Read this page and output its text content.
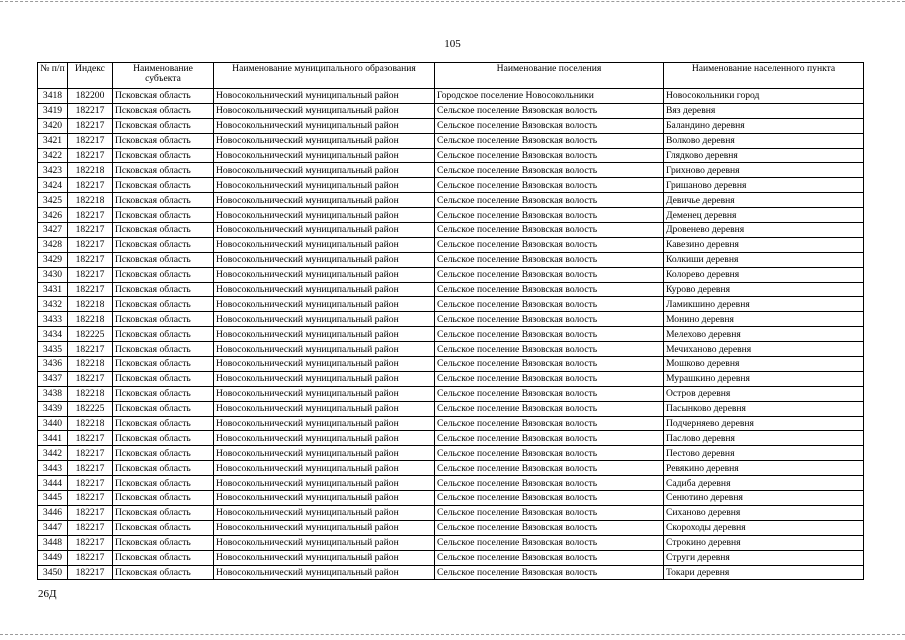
105
№ п/п	Индекс	Наименование субъекта	Наименование муниципального образования	Наименование поселения	Наименование населенного пункта
3418	182200	Псковская область	Новосокольнический муниципальный район	Городское поселение Новосокольники	Новосокольники город
3419	182217	Псковская область	Новосокольнический муниципальный район	Сельское поселение Вязовская волость	Вяз деревня
3420	182217	Псковская область	Новосокольнический муниципальный район	Сельское поселение Вязовская волость	Баландино деревня
3421	182217	Псковская область	Новосокольнический муниципальный район	Сельское поселение Вязовская волость	Волково деревня
3422	182217	Псковская область	Новосокольнический муниципальный район	Сельское поселение Вязовская волость	Глядково деревня
3423	182218	Псковская область	Новосокольнический муниципальный район	Сельское поселение Вязовская волость	Грихново деревня
3424	182217	Псковская область	Новосокольнический муниципальный район	Сельское поселение Вязовская волость	Гришаново деревня
3425	182218	Псковская область	Новосокольнический муниципальный район	Сельское поселение Вязовская волость	Девичье деревня
3426	182217	Псковская область	Новосокольнический муниципальный район	Сельское поселение Вязовская волость	Деменец деревня
3427	182217	Псковская область	Новосокольнический муниципальный район	Сельское поселение Вязовская волость	Дровенево деревня
3428	182217	Псковская область	Новосокольнический муниципальный район	Сельское поселение Вязовская волость	Кавезино деревня
3429	182217	Псковская область	Новосокольнический муниципальный район	Сельское поселение Вязовская волость	Колкиши деревня
3430	182217	Псковская область	Новосокольнический муниципальный район	Сельское поселение Вязовская волость	Колорево деревня
3431	182217	Псковская область	Новосокольнический муниципальный район	Сельское поселение Вязовская волость	Курово деревня
3432	182218	Псковская область	Новосокольнический муниципальный район	Сельское поселение Вязовская волость	Ламикшино деревня
3433	182218	Псковская область	Новосокольнический муниципальный район	Сельское поселение Вязовская волость	Монино деревня
3434	182225	Псковская область	Новосокольнический муниципальный район	Сельское поселение Вязовская волость	Мелехово деревня
3435	182217	Псковская область	Новосокольнический муниципальный район	Сельское поселение Вязовская волость	Мечиханово деревня
3436	182218	Псковская область	Новосокольнический муниципальный район	Сельское поселение Вязовская волость	Мошково деревня
3437	182217	Псковская область	Новосокольнический муниципальный район	Сельское поселение Вязовская волость	Мурашкино деревня
3438	182218	Псковская область	Новосокольнический муниципальный район	Сельское поселение Вязовская волость	Остров деревня
3439	182225	Псковская область	Новосокольнический муниципальный район	Сельское поселение Вязовская волость	Пасынково деревня
3440	182218	Псковская область	Новосокольнический муниципальный район	Сельское поселение Вязовская волость	Подчерняево деревня
3441	182217	Псковская область	Новосокольнический муниципальный район	Сельское поселение Вязовская волость	Паслово деревня
3442	182217	Псковская область	Новосокольнический муниципальный район	Сельское поселение Вязовская волость	Пестово деревня
3443	182217	Псковская область	Новосокольнический муниципальный район	Сельское поселение Вязовская волость	Ревякино деревня
3444	182217	Псковская область	Новосокольнический муниципальный район	Сельское поселение Вязовская волость	Садиба деревня
3445	182217	Псковская область	Новосокольнический муниципальный район	Сельское поселение Вязовская волость	Сенютино деревня
3446	182217	Псковская область	Новосокольнический муниципальный район	Сельское поселение Вязовская волость	Сиханово деревня
3447	182217	Псковская область	Новосокольнический муниципальный район	Сельское поселение Вязовская волость	Скороходы деревня
3448	182217	Псковская область	Новосокольнический муниципальный район	Сельское поселение Вязовская волость	Строкино деревня
3449	182217	Псковская область	Новосокольнический муниципальный район	Сельское поселение Вязовская волость	Струги деревня
3450	182217	Псковская область	Новосокольнический муниципальный район	Сельское поселение Вязовская волость	Токари деревня
26Д
